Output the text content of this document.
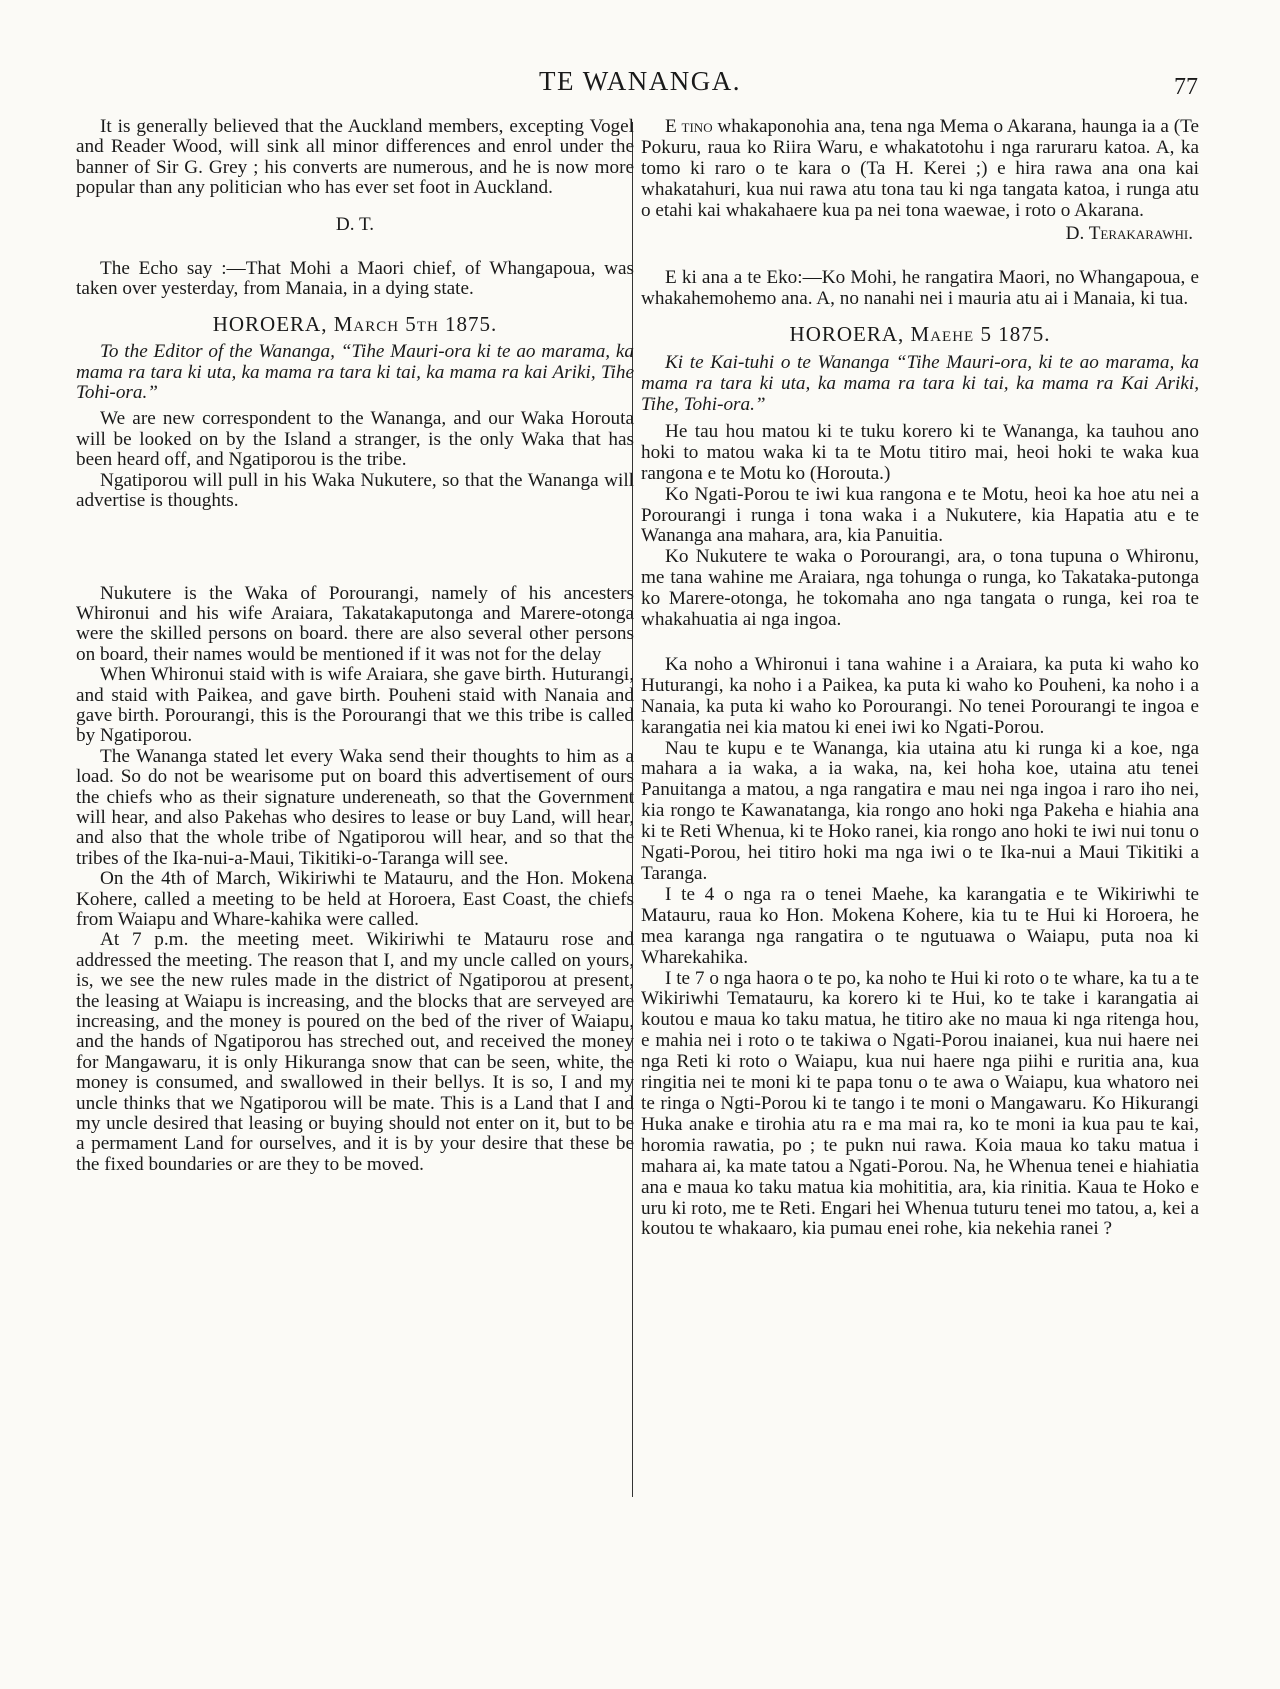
TE WANANGA.	77

It is generally believed that the Auckland members, excepting Vogel and Reader Wood, will sink all minor differences and enrol under the banner of Sir G. Grey ; his converts are numerous, and he is now more popular than any politician who has ever set foot in Auckland.

D. T.

The Echo say :—That Mohi a Maori chief, of Whangapoua, was taken over yesterday, from Manaia, in a dying state.

HOROERA, March 5th 1875.

To the Editor of the Wananga, “Tihe Mauri-ora ki te ao marama, ka mama ra tara ki uta, ka mama ra tara ki tai, ka mama ra kai Ariki, Tihe Tohi-ora.”

We are new correspondent to the Wananga, and our Waka Horouta will be looked on by the Island a stranger, is the only Waka that has been heard off, and Ngatiporou is the tribe.

Ngatiporou will pull in his Waka Nukutere, so that the Wananga will advertise is thoughts.

Nukutere is the Waka of Porourangi, namely of his ancesters Whironui and his wife Araiara, Takatakaputonga and Marere-otonga were the skilled persons on board. there are also several other persons on board, their names would be mentioned if it was not for the delay

When Whironui staid with is wife Araiara, she gave birth. Huturangi, and staid with Paikea, and gave birth. Pouheni staid with Nanaia and gave birth. Porourangi, this is the Porourangi that we this tribe is called by Ngatiporou.

The Wananga stated let every Waka send their thoughts to him as a load. So do not be wearisome put on board this advertisement of ours the chiefs who as their signature undereneath, so that the Government will hear, and also Pakehas who desires to lease or buy Land, will hear, and also that the whole tribe of Ngatiporou will hear, and so that the tribes of the Ika-nui-a-Maui, Tikitiki-o-Taranga will see.

On the 4th of March, Wikiriwhi te Matauru, and the Hon. Mokena Kohere, called a meeting to be held at Horoera, East Coast, the chiefs from Waiapu and Whare-kahika were called.

At 7 p.m. the meeting meet. Wikiriwhi te Matauru rose and addressed the meeting. The reason that I, and my uncle called on yours, is, we see the new rules made in the district of Ngatiporou at present, the leasing at Waiapu is increasing, and the blocks that are serveyed are increasing, and the money is poured on the bed of the river of Waiapu, and the hands of Ngatiporou has streched out, and received the money for Mangawaru, it is only Hikuranga snow that can be seen, white, the money is consumed, and swallowed in their bellys. It is so, I and my uncle thinks that we Ngatiporou will be mate. This is a Land that I and my uncle desired that leasing or buying should not enter on it, but to be a permament Land for ourselves, and it is by your desire that these be the fixed boundaries or are they to be moved.

E tino whakaponohia ana, tena nga Mema o Akarana, haunga ia a (Te Pokuru, raua ko Riira Waru, e whakatotohu i nga raruraru katoa. A, ka tomo ki raro o te kara o (Ta H. Kerei ;) e hira rawa ana ona kai whakatahuri, kua nui rawa atu tona tau ki nga tangata katoa, i runga atu o etahi kai whakahaere kua pa nei tona waewae, i roto o Akarana.

D. Terakarawhi.

E ki ana a te Eko:—Ko Mohi, he rangatira Maori, no Whangapoua, e whakahemohemo ana. A, no nanahi nei i mauria atu ai i Manaia, ki tua.

HOROERA, Maehe 5 1875.

Ki te Kai-tuhi o te Wananga “Tihe Mauri-ora, ki te ao marama, ka mama ra tara ki uta, ka mama ra tara ki tai, ka mama ra Kai Ariki, Tihe, Tohi-ora.”

He tau hou matou ki te tuku korero ki te Wananga, ka tauhou ano hoki to matou waka ki ta te Motu titiro mai, heoi hoki te waka kua rangona e te Motu ko (Horouta.)

Ko Ngati-Porou te iwi kua rangona e te Motu, heoi ka hoe atu nei a Porourangi i runga i tona waka i a Nukutere, kia Hapatia atu e te Wananga ana mahara, ara, kia Panuitia.

Ko Nukutere te waka o Porourangi, ara, o tona tupuna o Whironu, me tana wahine me Araiara, nga tohunga o runga, ko Takataka-putonga ko Marere-otonga, he tokomaha ano nga tangata o runga, kei roa te whakahuatia ai nga ingoa.

Ka noho a Whironui i tana wahine i a Araiara, ka puta ki waho ko Huturangi, ka noho i a Paikea, ka puta ki waho ko Pouheni, ka noho i a Nanaia, ka puta ki waho ko Porourangi. No tenei Porourangi te ingoa e karangatia nei kia matou ki enei iwi ko Ngati-Porou.

Nau te kupu e te Wananga, kia utaina atu ki runga ki a koe, nga mahara a ia waka, a ia waka, na, kei hoha koe, utaina atu tenei Panuitanga a matou, a nga rangatira e mau nei nga ingoa i raro iho nei, kia rongo te Kawanatanga, kia rongo ano hoki nga Pakeha e hiahia ana ki te Reti Whenua, ki te Hoko ranei, kia rongo ano hoki te iwi nui tonu o Ngati-Porou, hei titiro hoki ma nga iwi o te Ika-nui a Maui Tikitiki a Taranga.

I te 4 o nga ra o tenei Maehe, ka karangatia e te Wikiriwhi te Matauru, raua ko Hon. Mokena Kohere, kia tu te Hui ki Horoera, he mea karanga nga rangatira o te ngutuawa o Waiapu, puta noa ki Wharekahika.

I te 7 o nga haora o te po, ka noho te Hui ki roto o te whare, ka tu a te Wikiriwhi Tematauru, ka korero ki te Hui, ko te take i karangatia ai koutou e maua ko taku matua, he titiro ake no maua ki nga ritenga hou, e mahia nei i roto o te takiwa o Ngati-Porou inaianei, kua nui haere nei nga Reti ki roto o Waiapu, kua nui haere nga piihi e ruritia ana, kua ringitia nei te moni ki te papa tonu o te awa o Waiapu, kua whatoro nei te ringa o Ngti-Porou ki te tango i te moni o Mangawaru. Ko Hikurangi Huka anake e tirohia atu ra e ma mai ra, ko te moni ia kua pau te kai, horomia rawatia, po ; te pukn nui rawa. Koia maua ko taku matua i mahara ai, ka mate tatou a Ngati-Porou. Na, he Whenua tenei e hiahiatia ana e maua ko taku matua kia mohititia, ara, kia rinitia. Kaua te Hoko e uru ki roto, me te Reti. Engari hei Whenua tuturu tenei mo tatou, a, kei a koutou te whakaaro, kia pumau enei rohe, kia nekehia ranei ?
